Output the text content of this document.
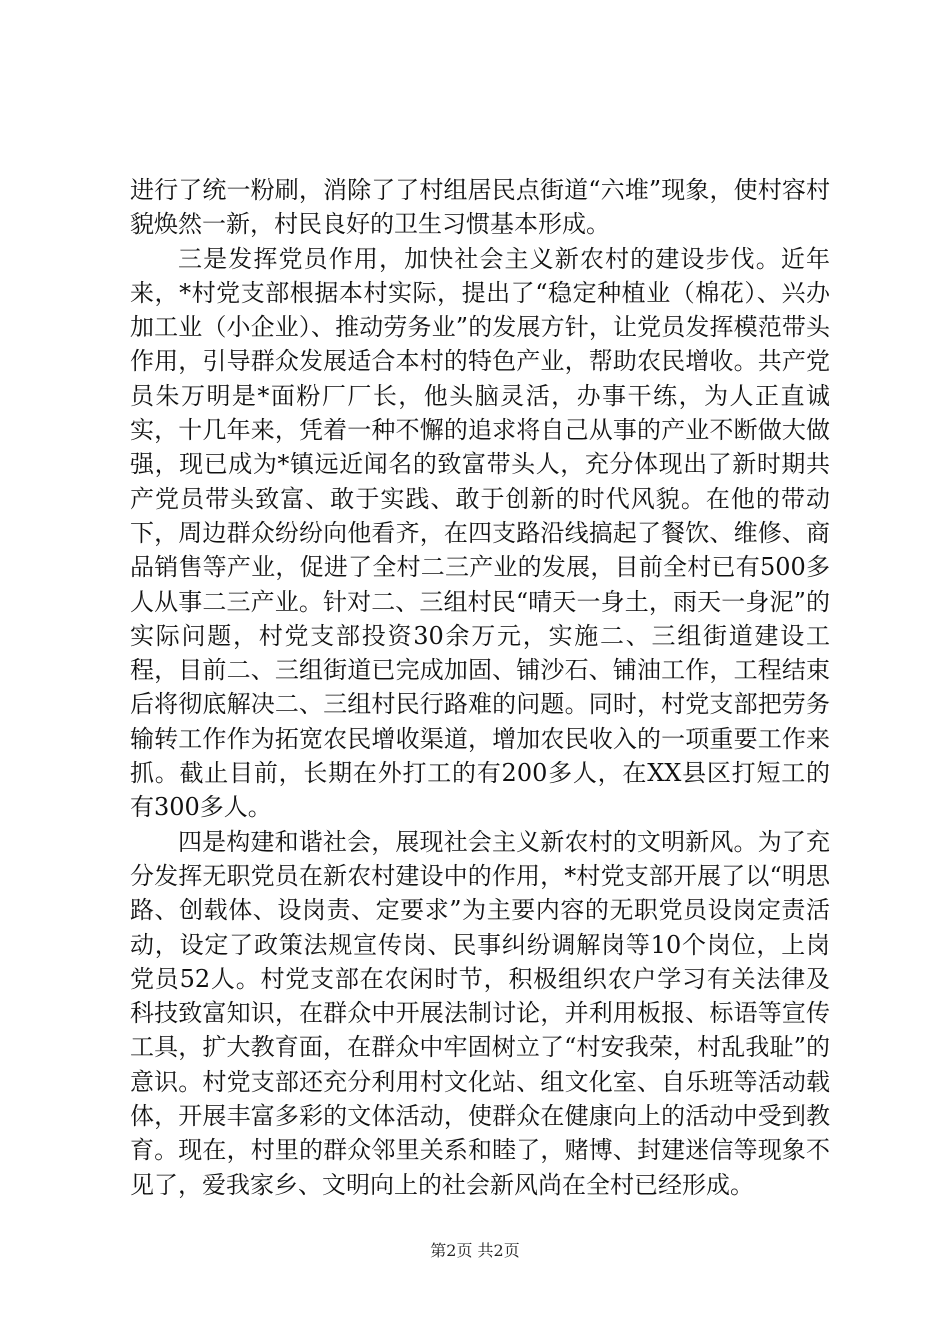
进行了统一粉刷，消除了了村组居民点街道“六堆”现象，使村容村貌焕然一新，村民良好的卫生习惯基本形成。

三是发挥党员作用，加快社会主义新农村的建设步伐。近年来，*村党支部根据本村实际，提出了“稳定种植业（棉花）、兴办加工业（小企业）、推动劳务业”的发展方针，让党员发挥模范带头作用，引导群众发展适合本村的特色产业，帮助农民增收。共产党员朱万明是*面粉厂厂长，他头脑灵活，办事干练，为人正直诚实，十几年来，凭着一种不懈的追求将自己从事的产业不断做大做强，现已成为*镇远近闻名的致富带头人，充分体现出了新时期共产党员带头致富、敢于实践、敢于创新的时代风貌。在他的带动下，周边群众纷纷向他看齐，在四支路沿线搞起了餐饮、维修、商品销售等产业，促进了全村二三产业的发展，目前全村已有500多人从事二三产业。针对二、三组村民“晴天一身土，雨天一身泥”的实际问题，村党支部投资30余万元，实施二、三组街道建设工程，目前二、三组街道已完成加固、铺沙石、铺油工作，工程结束后将彻底解决二、三组村民行路难的问题。同时，村党支部把劳务输转工作作为拓宽农民增收渠道，增加农民收入的一项重要工作来抓。截止目前，长期在外打工的有200多人，在XX县区打短工的有300多人。

四是构建和谐社会，展现社会主义新农村的文明新风。为了充分发挥无职党员在新农村建设中的作用，*村党支部开展了以“明思路、创载体、设岗责、定要求”为主要内容的无职党员设岗定责活动，设定了政策法规宣传岗、民事纠纷调解岗等10个岗位，上岗党员52人。村党支部在农闲时节，积极组织农户学习有关法律及科技致富知识，在群众中开展法制讨论，并利用板报、标语等宣传工具，扩大教育面，在群众中牢固树立了“村安我荣，村乱我耻”的意识。村党支部还充分利用村文化站、组文化室、自乐班等活动载体，开展丰富多彩的文体活动，使群众在健康向上的活动中受到教育。现在，村里的群众邻里关系和睦了，赌博、封建迷信等现象不见了，爱我家乡、文明向上的社会新风尚在全村已经形成。

第2页 共2页
